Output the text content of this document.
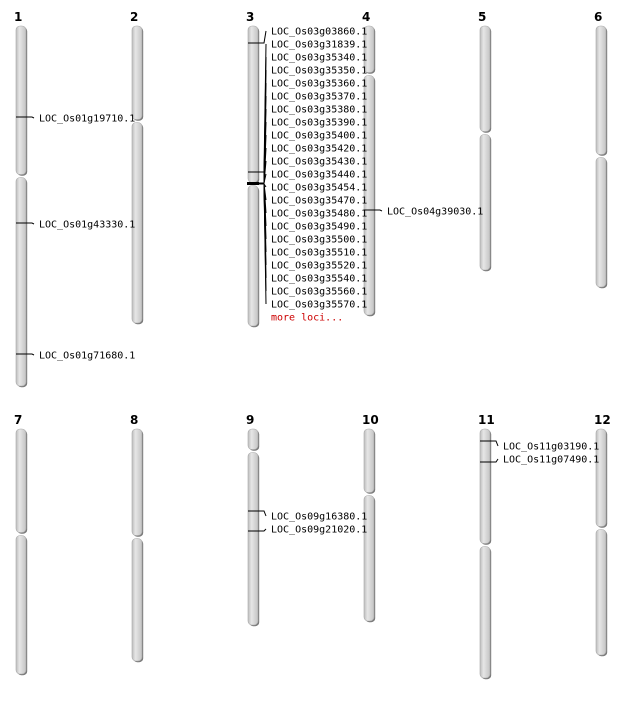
1	2	3	4	5	6
7	8	9	10	11	12
LOC_Os01g19710.1
LOC_Os01g43330.1
LOC_Os01g71680.1
LOC_Os03g03860.1
LOC_Os03g31839.1
LOC_Os03g35340.1
LOC_Os03g35350.1
LOC_Os03g35360.1
LOC_Os03g35370.1
LOC_Os03g35380.1
LOC_Os03g35390.1
LOC_Os03g35400.1
LOC_Os03g35420.1
LOC_Os03g35430.1
LOC_Os03g35440.1
LOC_Os03g35454.1
LOC_Os03g35470.1
LOC_Os03g35480.1
LOC_Os03g35490.1
LOC_Os03g35500.1
LOC_Os03g35510.1
LOC_Os03g35520.1
LOC_Os03g35540.1
LOC_Os03g35560.1
LOC_Os03g35570.1
LOC_Os04g39030.1
LOC_Os09g16380.1
LOC_Os09g21020.1
LOC_Os11g03190.1
LOC_Os11g07490.1
more loci...
